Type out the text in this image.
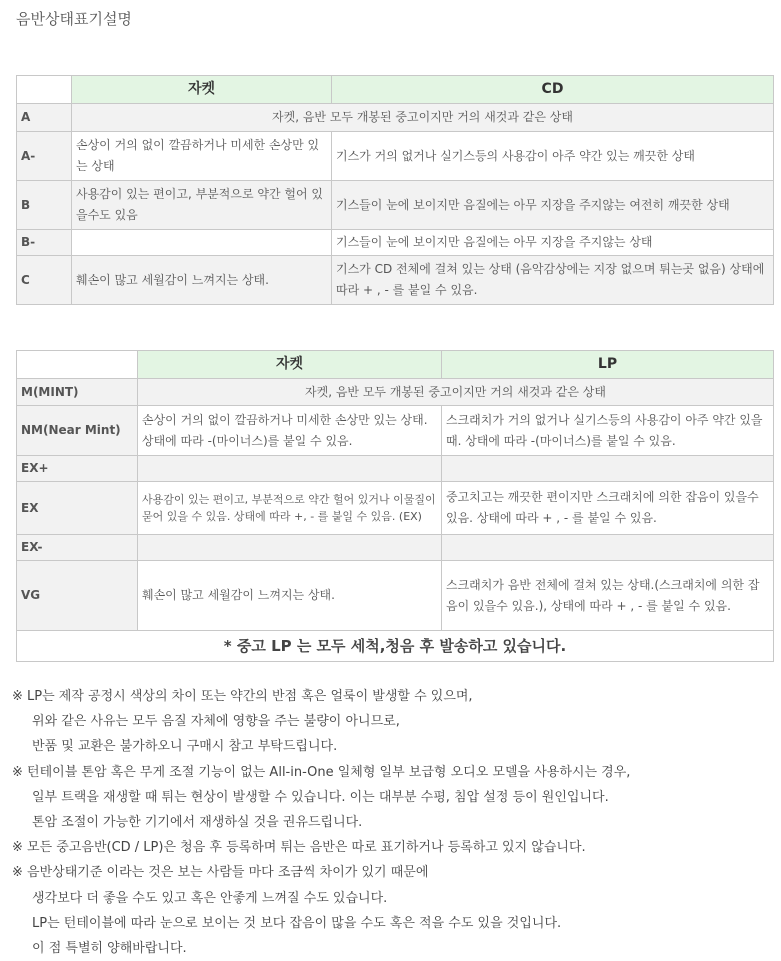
음반상태표기설명
	자켓	CD
A	자켓, 음반 모두 개봉된 중고이지만 거의 새것과 같은 상태	
A-	손상이 거의 없이 깔끔하거나 미세한 손상만 있는 상태	기스가 거의 없거나 실기스등의 사용감이 아주 약간 있는 깨끗한 상태
B	사용감이 있는 편이고, 부분적으로 약간 헐어 있을수도 있음	기스들이 눈에 보이지만 음질에는 아무 지장을 주지않는 여전히 깨끗한 상태
B-		기스들이 눈에 보이지만 음질에는 아무 지장을 주지않는 상태
C	훼손이 많고 세월감이 느껴지는 상태.	기스가 CD 전체에 걸쳐 있는 상태 (음악감상에는 지장 없으며 튀는곳 없음) 상태에 따라 + , - 를 붙일 수 있음.
	자켓	LP
M(MINT)	자켓, 음반 모두 개봉된 중고이지만 거의 새것과 같은 상태	
NM(Near Mint)	손상이 거의 없이 깔끔하거나 미세한 손상만 있는 상태. 상태에 따라 -(마이너스)를 붙일 수 있음.	스크래치가 거의 없거나 실기스등의 사용감이 아주 약간 있을때. 상태에 따라 -(마이너스)를 붙일 수 있음.
EX+		
EX	사용감이 있는 편이고, 부분적으로 약간 헐어 있거나 이물질이 묻어 있을 수 있음. 상태에 따라 +, - 를 붙일 수 있음. (EX)	중고치고는 깨끗한 편이지만 스크래치에 의한 잡음이 있을수 있음. 상태에 따라 + , - 를 붙일 수 있음.
EX-		
VG	훼손이 많고 세월감이 느껴지는 상태.	스크래치가 음반 전체에 걸쳐 있는 상태.(스크래치에 의한 잡음이 있을수 있음.), 상태에 따라 + , - 를 붙일 수 있음.
* 중고 LP 는 모두 세척,청음 후 발송하고 있습니다.		

※ LP는 제작 공정시 색상의 차이 또는 약간의 반점 혹은 얼룩이 발생할 수 있으며,

위와 같은 사유는 모두 음질 자체에 영향을 주는 불량이 아니므로,

반품 및 교환은 불가하오니 구매시 참고 부탁드립니다.

※ 턴테이블 톤암 혹은 무게 조절 기능이 없는 All-in-One 일체형 일부 보급형 오디오 모델을 사용하시는 경우,

일부 트랙을 재생할 때 튀는 현상이 발생할 수 있습니다. 이는 대부분 수평, 침압 설정 등이 원인입니다.

톤암 조절이 가능한 기기에서 재생하실 것을 권유드립니다.

※ 모든 중고음반(CD / LP)은 청음 후 등록하며 튀는 음반은 따로 표기하거나 등록하고 있지 않습니다.

※ 음반상태기준 이라는 것은 보는 사람들 마다 조금씩 차이가 있기 때문에

생각보다 더 좋을 수도 있고 혹은 안좋게 느껴질 수도 있습니다.

LP는 턴테이블에 따라 눈으로 보이는 것 보다 잡음이 많을 수도 혹은 적을 수도 있을 것입니다.

이 점 특별히 양해바랍니다.
